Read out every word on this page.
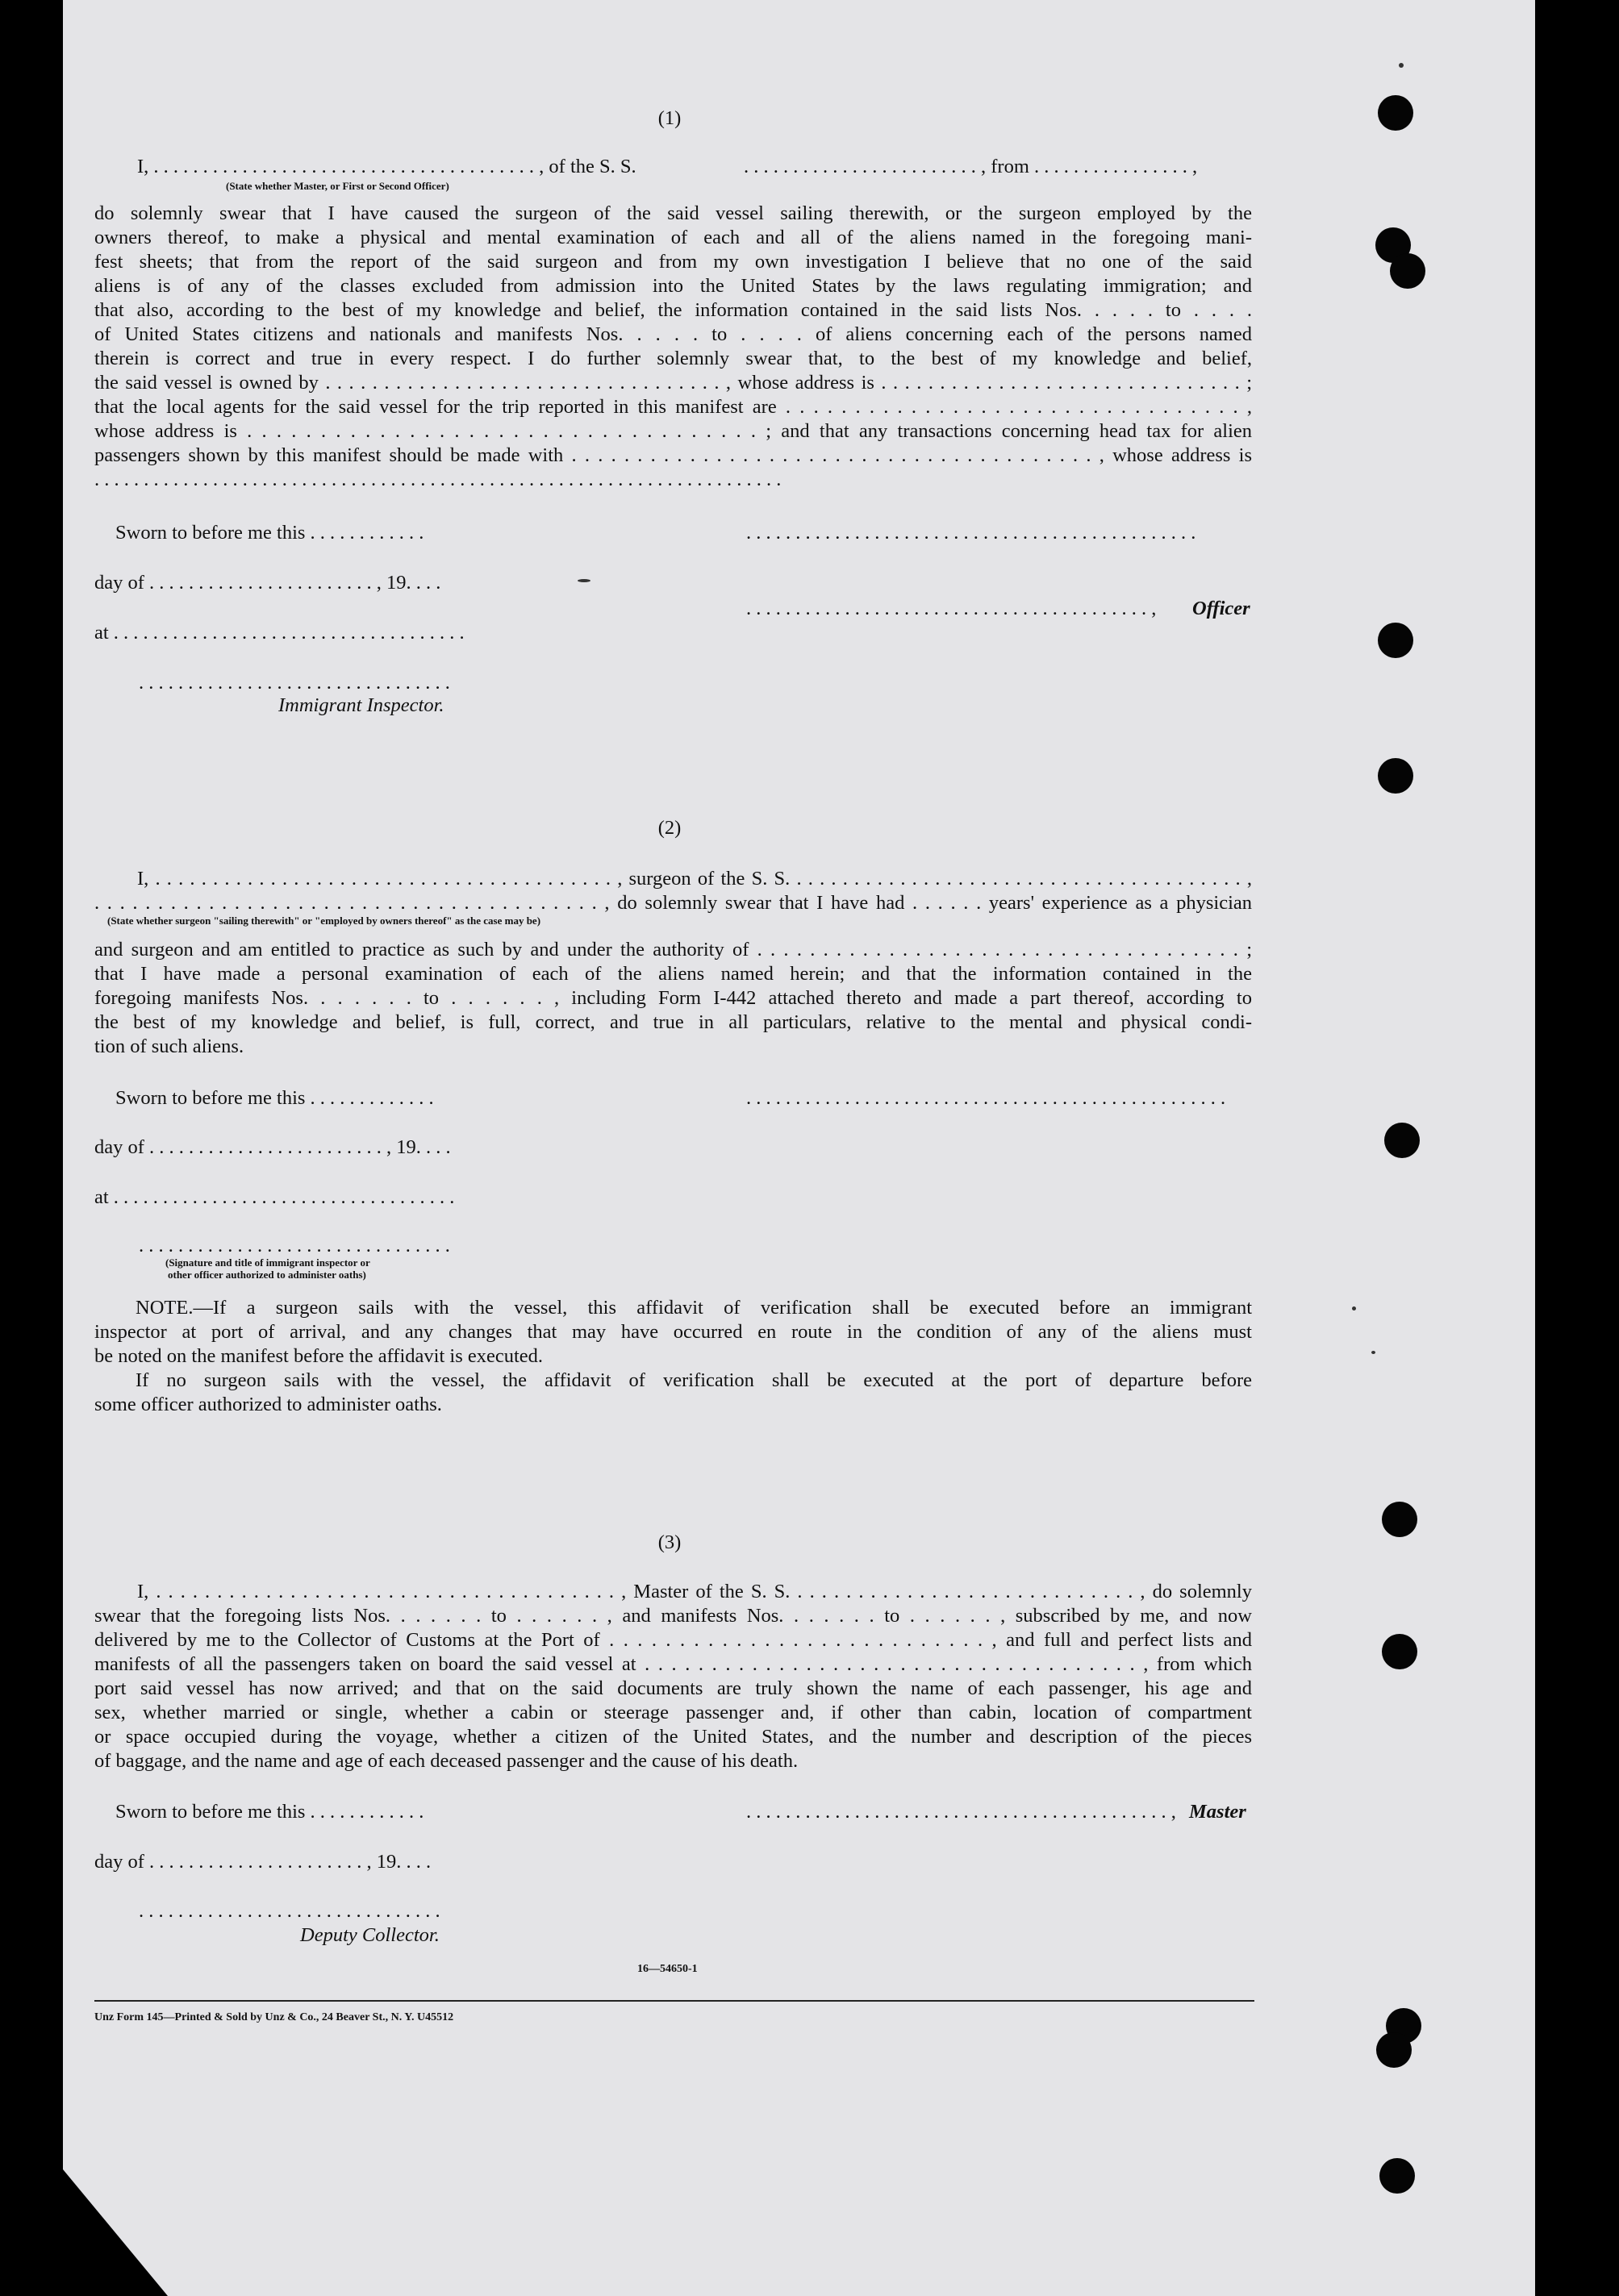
(1)
I, . . . . . . . . . . . . . . . . . . . . . . . . . . . . . . . . . . . . . . . , of the S. S.	. . . . . . . . . . . . . . . . . . . . . . . . , from . . . . . . . . . . . . . . . . ,
(State whether Master, or First or Second Officer)
do solemnly swear that I have caused the surgeon of the said vessel sailing therewith, or the surgeon employed by the
owners thereof, to make a physical and mental examination of each and all of the aliens named in the foregoing mani-
fest sheets; that from the report of the said surgeon and from my own investigation I believe that no one of the said
aliens is of any of the classes excluded from admission into the United States by the laws regulating immigration; and
that also, according to the best of my knowledge and belief, the information contained in the said lists Nos. . . . . to . . . .
of United States citizens and nationals and manifests Nos. . . . . to . . . . of aliens concerning each of the persons named
therein is correct and true in every respect. I do further solemnly swear that, to the best of my knowledge and belief,
the said vessel is owned by . . . . . . . . . . . . . . . . . . . . . . . . . . . . . . . . . . , whose address is . . . . . . . . . . . . . . . . . . . . . . . . . . . . . . . ;
that the local agents for the said vessel for the trip reported in this manifest are . . . . . . . . . . . . . . . . . . . . . . . . . . . . . . . . . ,
whose address is . . . . . . . . . . . . . . . . . . . . . . . . . . . . . . . . . . . ; and that any transactions concerning head tax for alien
passengers shown by this manifest should be made with . . . . . . . . . . . . . . . . . . . . . . . . . . . . . . . . . . . . . . . . , whose address is
. . . . . . . . . . . . . . . . . . . . . . . . . . . . . . . . . . . . . . . . . . . . . . . . . . . . . . . . . . . . . . . . . . . . . .
Sworn to before me this . . . . . . . . . . . .	. . . . . . . . . . . . . . . . . . . . . . . . . . . . . . . . . . . . . . . . . . . . . .
day of . . . . . . . . . . . . . . . . . . . . . . . , 19. . . .
. . . . . . . . . . . . . . . . . . . . . . . . . . . . . . . . . . . . . . . . . , Officer
at . . . . . . . . . . . . . . . . . . . . . . . . . . . . . . . . . . . .
. . . . . . . . . . . . . . . . . . . . . . . . . . . . . . . .
Immigrant Inspector.
(2)
I, . . . . . . . . . . . . . . . . . . . . . . . . . . . . . . . . . . . . . . . . , surgeon of the S. S. . . . . . . . . . . . . . . . . . . . . . . . . . . . . . . . . . . . . . . . ,
. . . . . . . . . . . . . . . . . . . . . . . . . . . . . . . . . . . . . . . . , do solemnly swear that I have had . . . . . . years' experience as a physician
(State whether surgeon "sailing therewith" or "employed by owners thereof" as the case may be)
and surgeon and am entitled to practice as such by and under the authority of . . . . . . . . . . . . . . . . . . . . . . . . . . . . . . . . . . . . . ;
that I have made a personal examination of each of the aliens named herein; and that the information contained in the
foregoing manifests Nos. . . . . . . to . . . . . . , including Form I-442 attached thereto and made a part thereof, according to
the best of my knowledge and belief, is full, correct, and true in all particulars, relative to the mental and physical condi-
tion of such aliens.
Sworn to before me this . . . . . . . . . . . . .	. . . . . . . . . . . . . . . . . . . . . . . . . . . . . . . . . . . . . . . . . . . . . . . . .
day of . . . . . . . . . . . . . . . . . . . . . . . . , 19. . . .
at . . . . . . . . . . . . . . . . . . . . . . . . . . . . . . . . . . .
. . . . . . . . . . . . . . . . . . . . . . . . . . . . . . . .
(Signature and title of immigrant inspector or
other officer authorized to administer oaths)
NOTE.—If a surgeon sails with the vessel, this affidavit of verification shall be executed before an immigrant
inspector at port of arrival, and any changes that may have occurred en route in the condition of any of the aliens must
be noted on the manifest before the affidavit is executed.
If no surgeon sails with the vessel, the affidavit of verification shall be executed at the port of departure before
some officer authorized to administer oaths.
(3)
I, . . . . . . . . . . . . . . . . . . . . . . . . . . . . . . . . . . . . . . , Master of the S. S. . . . . . . . . . . . . . . . . . . . . . . . . . . . . , do solemnly
swear that the foregoing lists Nos. . . . . . . to . . . . . . , and manifests Nos. . . . . . . to . . . . . . , subscribed by me, and now
delivered by me to the Collector of Customs at the Port of . . . . . . . . . . . . . . . . . . . . . . . . . . . , and full and perfect lists and
manifests of all the passengers taken on board the said vessel at . . . . . . . . . . . . . . . . . . . . . . . . . . . . . . . . . . . . . , from which
port said vessel has now arrived; and that on the said documents are truly shown the name of each passenger, his age and
sex, whether married or single, whether a cabin or steerage passenger and, if other than cabin, location of compartment
or space occupied during the voyage, whether a citizen of the United States, and the number and description of the pieces
of baggage, and the name and age of each deceased passenger and the cause of his death.
Sworn to before me this . . . . . . . . . . . .	. . . . . . . . . . . . . . . . . . . . . . . . . . . . . . . . . . . . . . . . . . . , Master
day of . . . . . . . . . . . . . . . . . . . . . . , 19. . . .
. . . . . . . . . . . . . . . . . . . . . . . . . . . . . . .
Deputy Collector.
16—54650-1
Unz Form 145—Printed & Sold by Unz & Co., 24 Beaver St., N. Y. U45512
